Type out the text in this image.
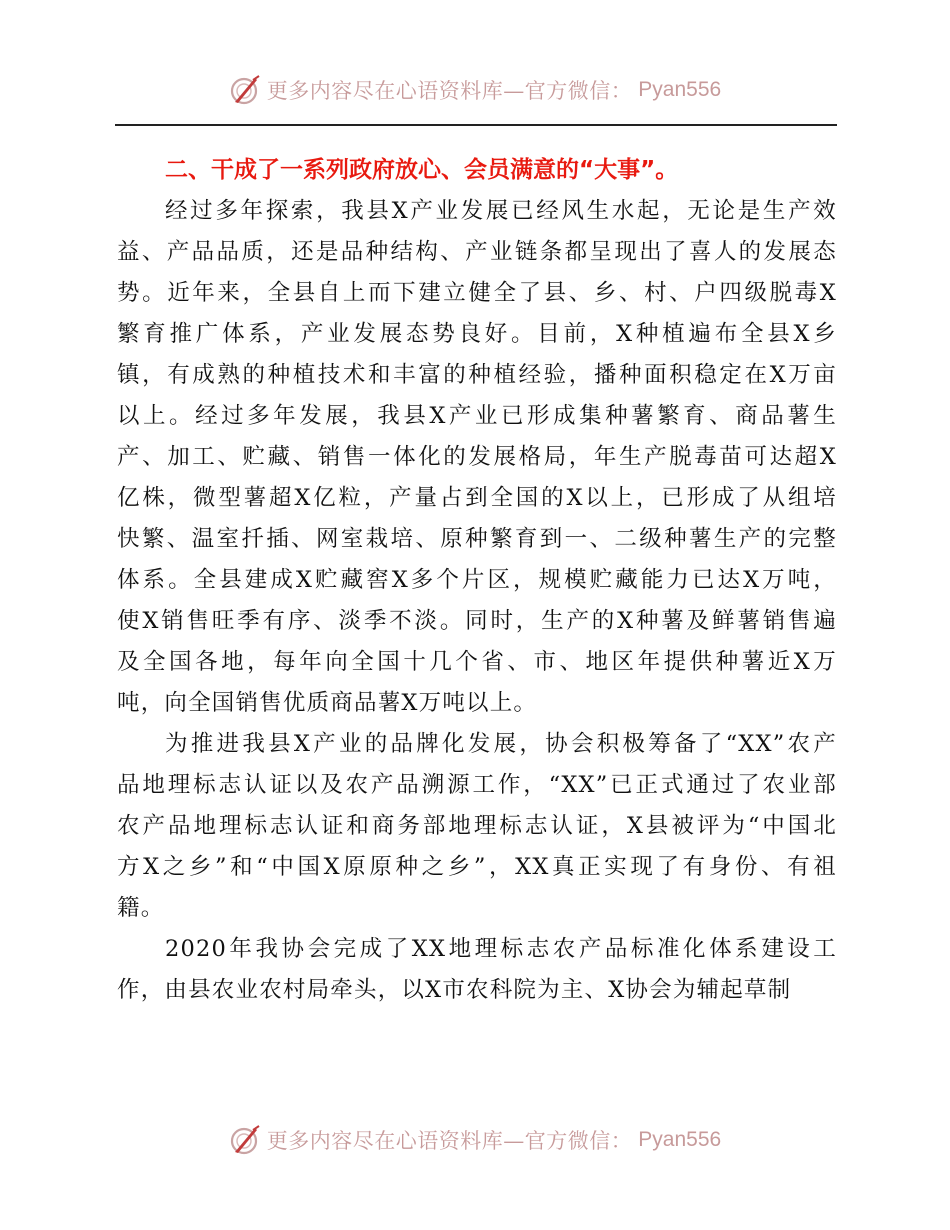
更多内容尽在心语资料库—官方微信： Pyan556
二、干成了一系列政府放心、会员满意的“大事”。

经过多年探索，我县X产业发展已经风生水起，无论是生产效
益、产品品质，还是品种结构、产业链条都呈现出了喜人的发展态
势。近年来，全县自上而下建立健全了县、乡、村、户四级脱毒X
繁育推广体系，产业发展态势良好。目前，X种植遍布全县X乡
镇，有成熟的种植技术和丰富的种植经验，播种面积稳定在X万亩
以上。经过多年发展，我县X产业已形成集种薯繁育、商品薯生
产、加工、贮藏、销售一体化的发展格局，年生产脱毒苗可达超X
亿株，微型薯超X亿粒，产量占到全国的X以上，已形成了从组培
快繁、温室扦插、网室栽培、原种繁育到一、二级种薯生产的完整
体系。全县建成X贮藏窖X多个片区，规模贮藏能力已达X万吨，
使X销售旺季有序、淡季不淡。同时，生产的X种薯及鲜薯销售遍
及全国各地，每年向全国十几个省、市、地区年提供种薯近X万
吨，向全国销售优质商品薯X万吨以上。

为推进我县X产业的品牌化发展，协会积极筹备了“XX”农产
品地理标志认证以及农产品溯源工作，“XX”已正式通过了农业部
农产品地理标志认证和商务部地理标志认证，X县被评为“中国北
方X之乡”和“中国X原原种之乡”，XX真正实现了有身份、有祖
籍。

2020年我协会完成了XX地理标志农产品标准化体系建设工
作，由县农业农村局牵头，以X市农科院为主、X协会为辅起草制

更多内容尽在心语资料库—官方微信： Pyan556
